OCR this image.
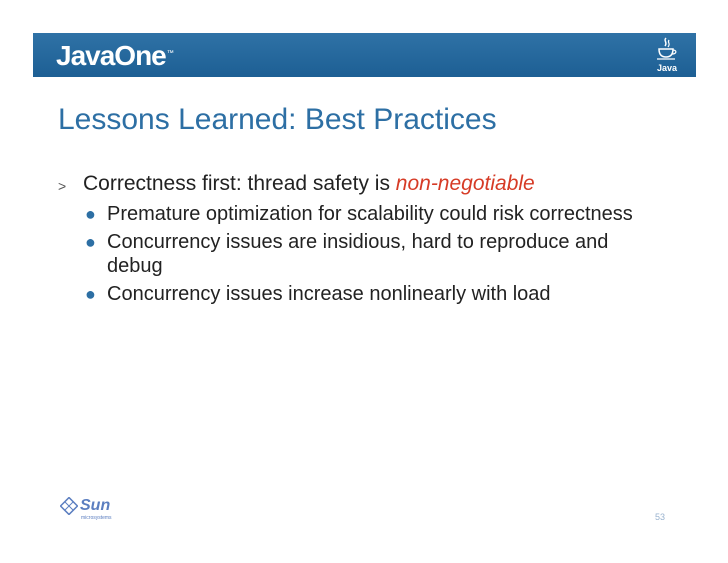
JavaOne™
Java
Lessons Learned: Best Practices
> Correctness first: thread safety is non-negotiable
● Premature optimization for scalability could risk correctness
● Concurrency issues are insidious, hard to reproduce and debug
● Concurrency issues increase nonlinearly with load
Sun
microsystems	53
